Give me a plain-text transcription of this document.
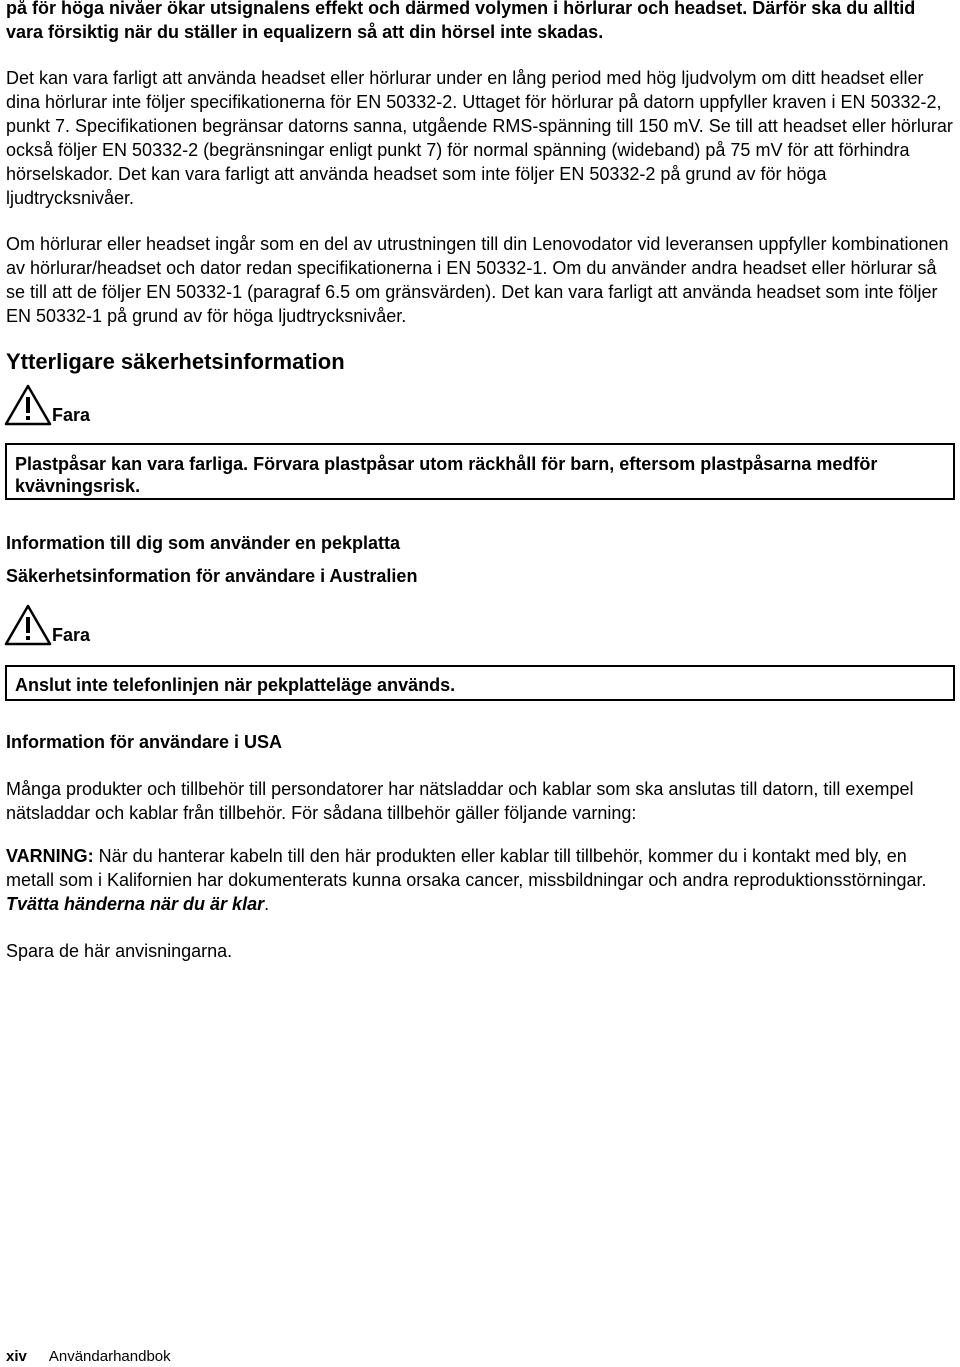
på för höga nivåer ökar utsignalens effekt och därmed volymen i hörlurar och headset. Därför ska du alltid vara försiktig när du ställer in equalizern så att din hörsel inte skadas.

Det kan vara farligt att använda headset eller hörlurar under en lång period med hög ljudvolym om ditt headset eller dina hörlurar inte följer specifikationerna för EN 50332-2. Uttaget för hörlurar på datorn uppfyller kraven i EN 50332-2, punkt 7. Specifikationen begränsar datorns sanna, utgående RMS-spänning till 150 mV. Se till att headset eller hörlurar också följer EN 50332-2 (begränsningar enligt punkt 7) för normal spänning (wideband) på 75 mV för att förhindra hörselskador. Det kan vara farligt att använda headset som inte följer EN 50332-2 på grund av för höga ljudtrycksnivåer.

Om hörlurar eller headset ingår som en del av utrustningen till din Lenovodator vid leveransen uppfyller kombinationen av hörlurar/headset och dator redan specifikationerna i EN 50332-1. Om du använder andra headset eller hörlurar så se till att de följer EN 50332-1 (paragraf 6.5 om gränsvärden). Det kan vara farligt att använda headset som inte följer EN 50332-1 på grund av för höga ljudtrycksnivåer.

Ytterligare säkerhetsinformation
Fara
Plastpåsar kan vara farliga. Förvara plastpåsar utom räckhåll för barn, eftersom plastpåsarna medför kvävningsrisk.
Information till dig som använder en pekplatta
Säkerhetsinformation för användare i Australien
Fara
Anslut inte telefonlinjen när pekplatteläge används.
Information för användare i USA

Många produkter och tillbehör till persondatorer har nätsladdar och kablar som ska anslutas till datorn, till exempel nätsladdar och kablar från tillbehör. För sådana tillbehör gäller följande varning:

VARNING: När du hanterar kabeln till den här produkten eller kablar till tillbehör, kommer du i kontakt med bly, en metall som i Kalifornien har dokumenterats kunna orsaka cancer, missbildningar och andra reproduktionsstörningar. Tvätta händerna när du är klar.

Spara de här anvisningarna.

xiv Användarhandbok
